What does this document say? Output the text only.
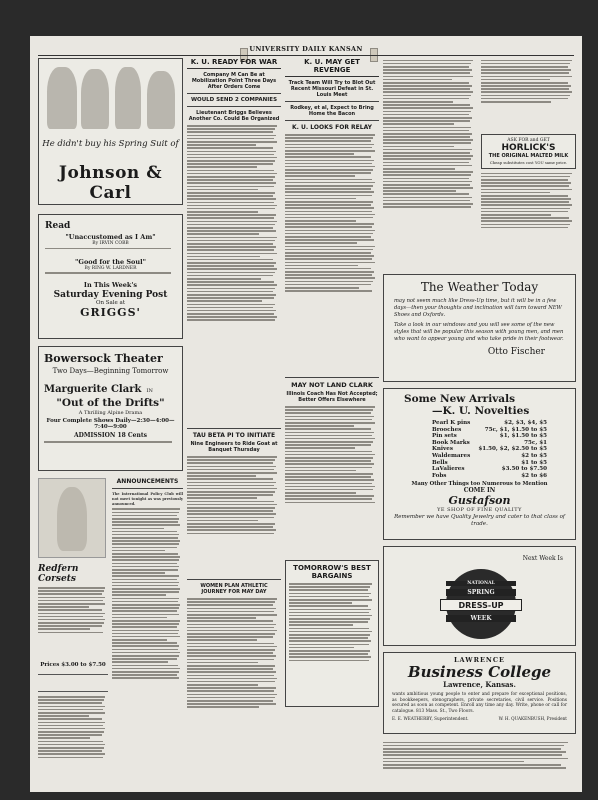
UNIVERSITY DAILY KANSAN
He didn't buy his Spring Suit of
Johnson & Carl
Read
"Unaccustomed as I Am"
By IRVIN COBB
"Good for the Soul"
By RING W. LARDNER
In This Week's
Saturday Evening Post
On Sale at
GRIGGS'
Bowersock Theater
Two Days—Beginning Tomorrow
Marguerite Clark IN
"Out of the Drifts"
A Thrilling Alpine Drama
Four Complete Shows Daily—2:30—4:00—7:40—9:00
ADMISSION 18 Cents
Redfern Corsets
Prices $3.00 to $7.50
ANNOUNCEMENTS
The International Policy Club will not meet tonight as was previously announced.
K. U. READY FOR WAR
Company M Can Be at Mobilization Point Three Days After Orders Come
WOULD SEND 2 COMPANIES
Lieutenant Briggs Believes Another Co. Could Be Organized
TAU BETA PI TO INITIATE
Nine Engineers to Ride Goat at Banquet Thursday
WOMEN PLAN ATHLETIC JOURNEY FOR MAY DAY
K. U. MAY GET REVENGE
Track Team Will Try to Blot Out Recent Missouri Defeat in St. Louis Meet
Rodkey, et al, Expect to Bring Home the Bacon
K. U. LOOKS FOR RELAY
MAY NOT LAND CLARK
Illinois Coach Has Not Accepted; Better Offers Elsewhere
TOMORROW'S BEST BARGAINS
ASK FOR and GET
HORLICK'S
THE ORIGINAL MALTED MILK
Cheap substitutes cost YOU same price.
The Weather Today
may not seem much like Dress-Up time, but it will be in a few days—then your thoughts and inclination will turn toward NEW Shoes and Oxfords.
Take a look in our windows and you will see some of the new styles that will be popular this season with young men, and men who want to appear young and who take pride in their footwear.
Otto Fischer
Some New Arrivals
—K. U. Novelties
Pearl K pins	$2, $3, $4, $5
Brooches	75c, $1, $1.50 to $5
Pin sets	$1, $1.50 to $5
Book Marks	75c, $1
Knives	$1.50, $2, $2.50 to $5
Waldemares	$2 to $5
Bells	$1 to $5
LaValieres	$3.50 to $7.50
Fobs	$2 to $6
Many Other Things too Numerous to Mention
COME IN
Gustafson
YE SHOP OF FINE QUALITY
Remember we have Quality Jewelry and cater to that class of trade.
Next Week Is
NATIONAL
SPRING
DRESS-UP
WEEK
LAWRENCE
Business College
Lawrence, Kansas.
wants ambitious young people to enter and prepare for exceptional positions, as bookkeepers, stenographers, private secretaries, civil service. Positions secured as soon as competent. Enroll any time any day. Write, phone or call for catalogue. 813 Mass. St., Two Floors.
E. E. WEATHERBY, Superintendent.	W. H. QUAKENBUSH, President
